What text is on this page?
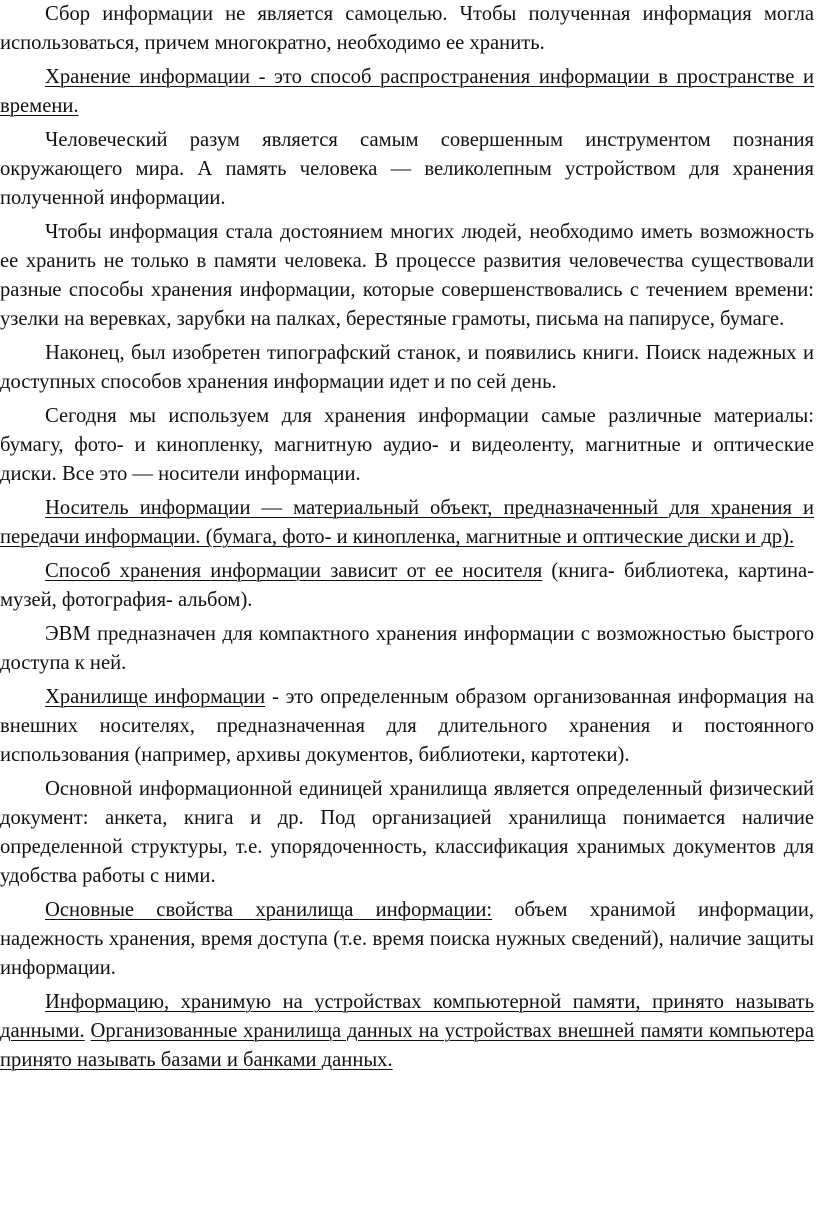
Сбор информации не является самоцелью. Чтобы полученная информация могла использоваться, причем многократно, необходимо ее хранить.

Хранение информации - это способ распространения информации в пространстве и времени.

Человеческий разум является самым совершенным инструментом познания окружающего мира. А память человека — великолепным устройством для хранения полученной информации.

Чтобы информация стала достоянием многих людей, необходимо иметь возможность ее хранить не только в памяти человека. В процессе развития человечества существовали разные способы хранения информации, которые совершенствовались с течением времени: узелки на веревках, зарубки на палках, берестяные грамоты, письма на папирусе, бумаге.

Наконец, был изобретен типографский станок, и появились книги. Поиск надежных и доступных способов хранения информации идет и по сей день.

Сегодня мы используем для хранения информации самые различные материалы: бумагу, фото- и кинопленку, магнитную аудио- и видеоленту, магнитные и оптические диски. Все это — носители информации.

Носитель информации — материальный объект, предназначенный для хранения и передачи информации. (бумага, фото- и кинопленка, магнитные и оптические диски и др).

Способ хранения информации зависит от ее носителя (книга- библиотека, картина- музей, фотография- альбом).

ЭВМ предназначен для компактного хранения информации с возможностью быстрого доступа к ней.

Хранилище информации - это определенным образом организованная информация на внешних носителях, предназначенная для длительного хранения и постоянного использования (например, архивы документов, библиотеки, картотеки).

Основной информационной единицей хранилища является определенный физический документ: анкета, книга и др. Под организацией хранилища понимается наличие определенной структуры, т.е. упорядоченность, классификация хранимых документов для удобства работы с ними.

Основные свойства хранилища информации: объем хранимой информации, надежность хранения, время доступа (т.е. время поиска нужных сведений), наличие защиты информации.

Информацию, хранимую на устройствах компьютерной памяти, принято называть данными. Организованные хранилища данных на устройствах внешней памяти компьютера принято называть базами и банками данных.
